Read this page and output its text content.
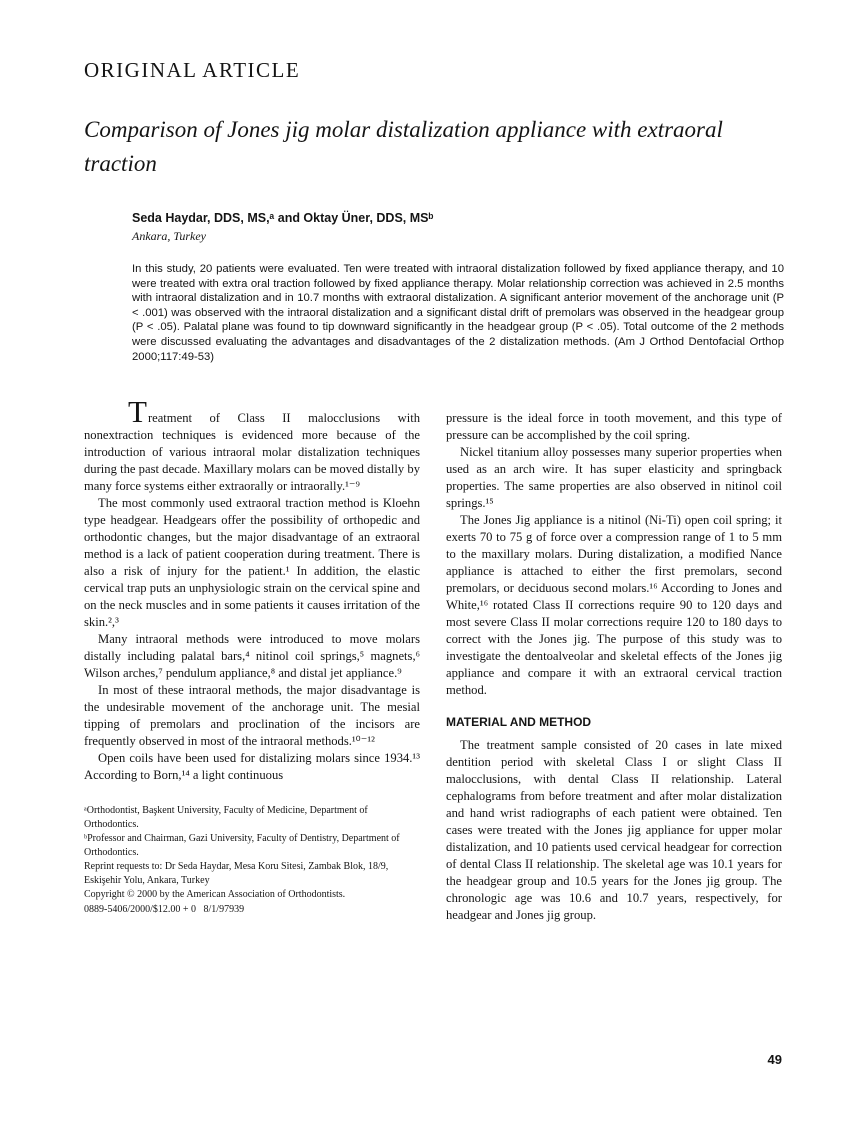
ORIGINAL ARTICLE
Comparison of Jones jig molar distalization appliance with extraoral traction
Seda Haydar, DDS, MS,ᵃ and Oktay Üner, DDS, MSᵇ
Ankara, Turkey
In this study, 20 patients were evaluated. Ten were treated with intraoral distalization followed by fixed appliance therapy, and 10 were treated with extra oral traction followed by fixed appliance therapy. Molar relationship correction was achieved in 2.5 months with intraoral distalization and in 10.7 months with extraoral distalization. A significant anterior movement of the anchorage unit (P < .001) was observed with the intraoral distalization and a significant distal drift of premolars was observed in the headgear group (P < .05). Palatal plane was found to tip downward significantly in the headgear group (P < .05). Total outcome of the 2 methods were discussed evaluating the advantages and disadvantages of the 2 distalization methods. (Am J Orthod Dentofacial Orthop 2000;117:49-53)

Treatment of Class II malocclusions with nonextraction techniques is evidenced more because of the introduction of various intraoral molar distalization techniques during the past decade. Maxillary molars can be moved distally by many force systems either extraorally or intraorally.¹⁻⁹

The most commonly used extraoral traction method is Kloehn type headgear. Headgears offer the possibility of orthopedic and orthodontic changes, but the major disadvantage of an extraoral method is a lack of patient cooperation during treatment. There is also a risk of injury for the patient.¹ In addition, the elastic cervical trap puts an unphysiologic strain on the cervical spine and on the neck muscles and in some patients it causes irritation of the skin.²,³

Many intraoral methods were introduced to move molars distally including palatal bars,⁴ nitinol coil springs,⁵ magnets,⁶ Wilson arches,⁷ pendulum appliance,⁸ and distal jet appliance.⁹

In most of these intraoral methods, the major disadvantage is the undesirable movement of the anchorage unit. The mesial tipping of premolars and proclination of the incisors are frequently observed in most of the intraoral methods.¹⁰⁻¹²

Open coils have been used for distalizing molars since 1934.¹³ According to Born,¹⁴ a light continuous

ᵃOrthodontist, Başkent University, Faculty of Medicine, Department of Orthodontics.

ᵇProfessor and Chairman, Gazi University, Faculty of Dentistry, Department of Orthodontics.

Reprint requests to: Dr Seda Haydar, Mesa Koru Sitesi, Zambak Blok, 18/9, Eskişehir Yolu, Ankara, Turkey

Copyright © 2000 by the American Association of Orthodontists.

0889-5406/2000/$12.00 + 0   8/1/97939

pressure is the ideal force in tooth movement, and this type of pressure can be accomplished by the coil spring.

Nickel titanium alloy possesses many superior properties when used as an arch wire. It has super elasticity and springback properties. The same properties are also observed in nitinol coil springs.¹⁵

The Jones Jig appliance is a nitinol (Ni-Ti) open coil spring; it exerts 70 to 75 g of force over a compression range of 1 to 5 mm to the maxillary molars. During distalization, a modified Nance appliance is attached to either the first premolars, second premolars, or deciduous second molars.¹⁶ According to Jones and White,¹⁶ rotated Class II corrections require 90 to 120 days and most severe Class II molar corrections require 120 to 180 days to correct with the Jones jig. The purpose of this study was to investigate the dentoalveolar and skeletal effects of the Jones jig appliance and compare it with an extraoral cervical traction method.

MATERIAL AND METHOD

The treatment sample consisted of 20 cases in late mixed dentition period with skeletal Class I or slight Class II malocclusions, with dental Class II relationship. Lateral cephalograms from before treatment and after molar distalization and hand wrist radiographs of each patient were obtained. Ten cases were treated with the Jones jig appliance for upper molar distalization, and 10 patients used cervical headgear for correction of dental Class II relationship. The skeletal age was 10.1 years for the headgear group and 10.5 years for the Jones jig group. The chronologic age was 10.6 and 10.7 years, respectively, for headgear and Jones jig group.

49
